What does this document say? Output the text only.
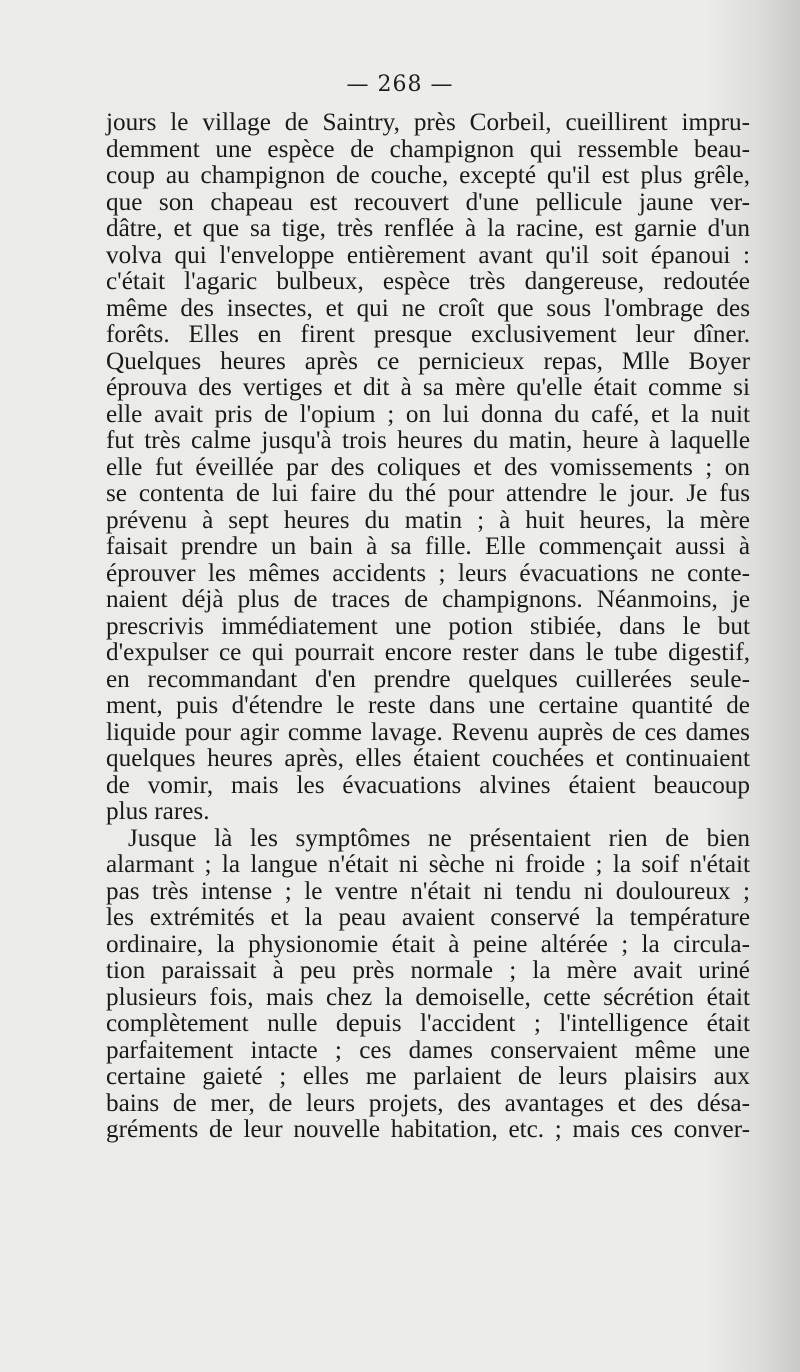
— 268 —
jours le village de Saintry, près Corbeil, cueillirent impru-
demment une espèce de champignon qui ressemble beau-
coup au champignon de couche, excepté qu'il est plus grêle,
que son chapeau est recouvert d'une pellicule jaune ver-
dâtre, et que sa tige, très renflée à la racine, est garnie d'un
volva qui l'enveloppe entièrement avant qu'il soit épanoui :
c'était l'agaric bulbeux, espèce très dangereuse, redoutée
même des insectes, et qui ne croît que sous l'ombrage des
forêts. Elles en firent presque exclusivement leur dîner.
Quelques heures après ce pernicieux repas, Mlle Boyer
éprouva des vertiges et dit à sa mère qu'elle était comme si
elle avait pris de l'opium ; on lui donna du café, et la nuit
fut très calme jusqu'à trois heures du matin, heure à laquelle
elle fut éveillée par des coliques et des vomissements ; on
se contenta de lui faire du thé pour attendre le jour. Je fus
prévenu à sept heures du matin ; à huit heures, la mère
faisait prendre un bain à sa fille. Elle commençait aussi à
éprouver les mêmes accidents ; leurs évacuations ne conte-
naient déjà plus de traces de champignons. Néanmoins, je
prescrivis immédiatement une potion stibiée, dans le but
d'expulser ce qui pourrait encore rester dans le tube digestif,
en recommandant d'en prendre quelques cuillerées seule-
ment, puis d'étendre le reste dans une certaine quantité de
liquide pour agir comme lavage. Revenu auprès de ces dames
quelques heures après, elles étaient couchées et continuaient
de vomir, mais les évacuations alvines étaient beaucoup
plus rares.
Jusque là les symptômes ne présentaient rien de bien
alarmant ; la langue n'était ni sèche ni froide ; la soif n'était
pas très intense ; le ventre n'était ni tendu ni douloureux ;
les extrémités et la peau avaient conservé la température
ordinaire, la physionomie était à peine altérée ; la circula-
tion paraissait à peu près normale ; la mère avait uriné
plusieurs fois, mais chez la demoiselle, cette sécrétion était
complètement nulle depuis l'accident ; l'intelligence était
parfaitement intacte ; ces dames conservaient même une
certaine gaieté ; elles me parlaient de leurs plaisirs aux
bains de mer, de leurs projets, des avantages et des désa-
gréments de leur nouvelle habitation, etc. ; mais ces conver-
